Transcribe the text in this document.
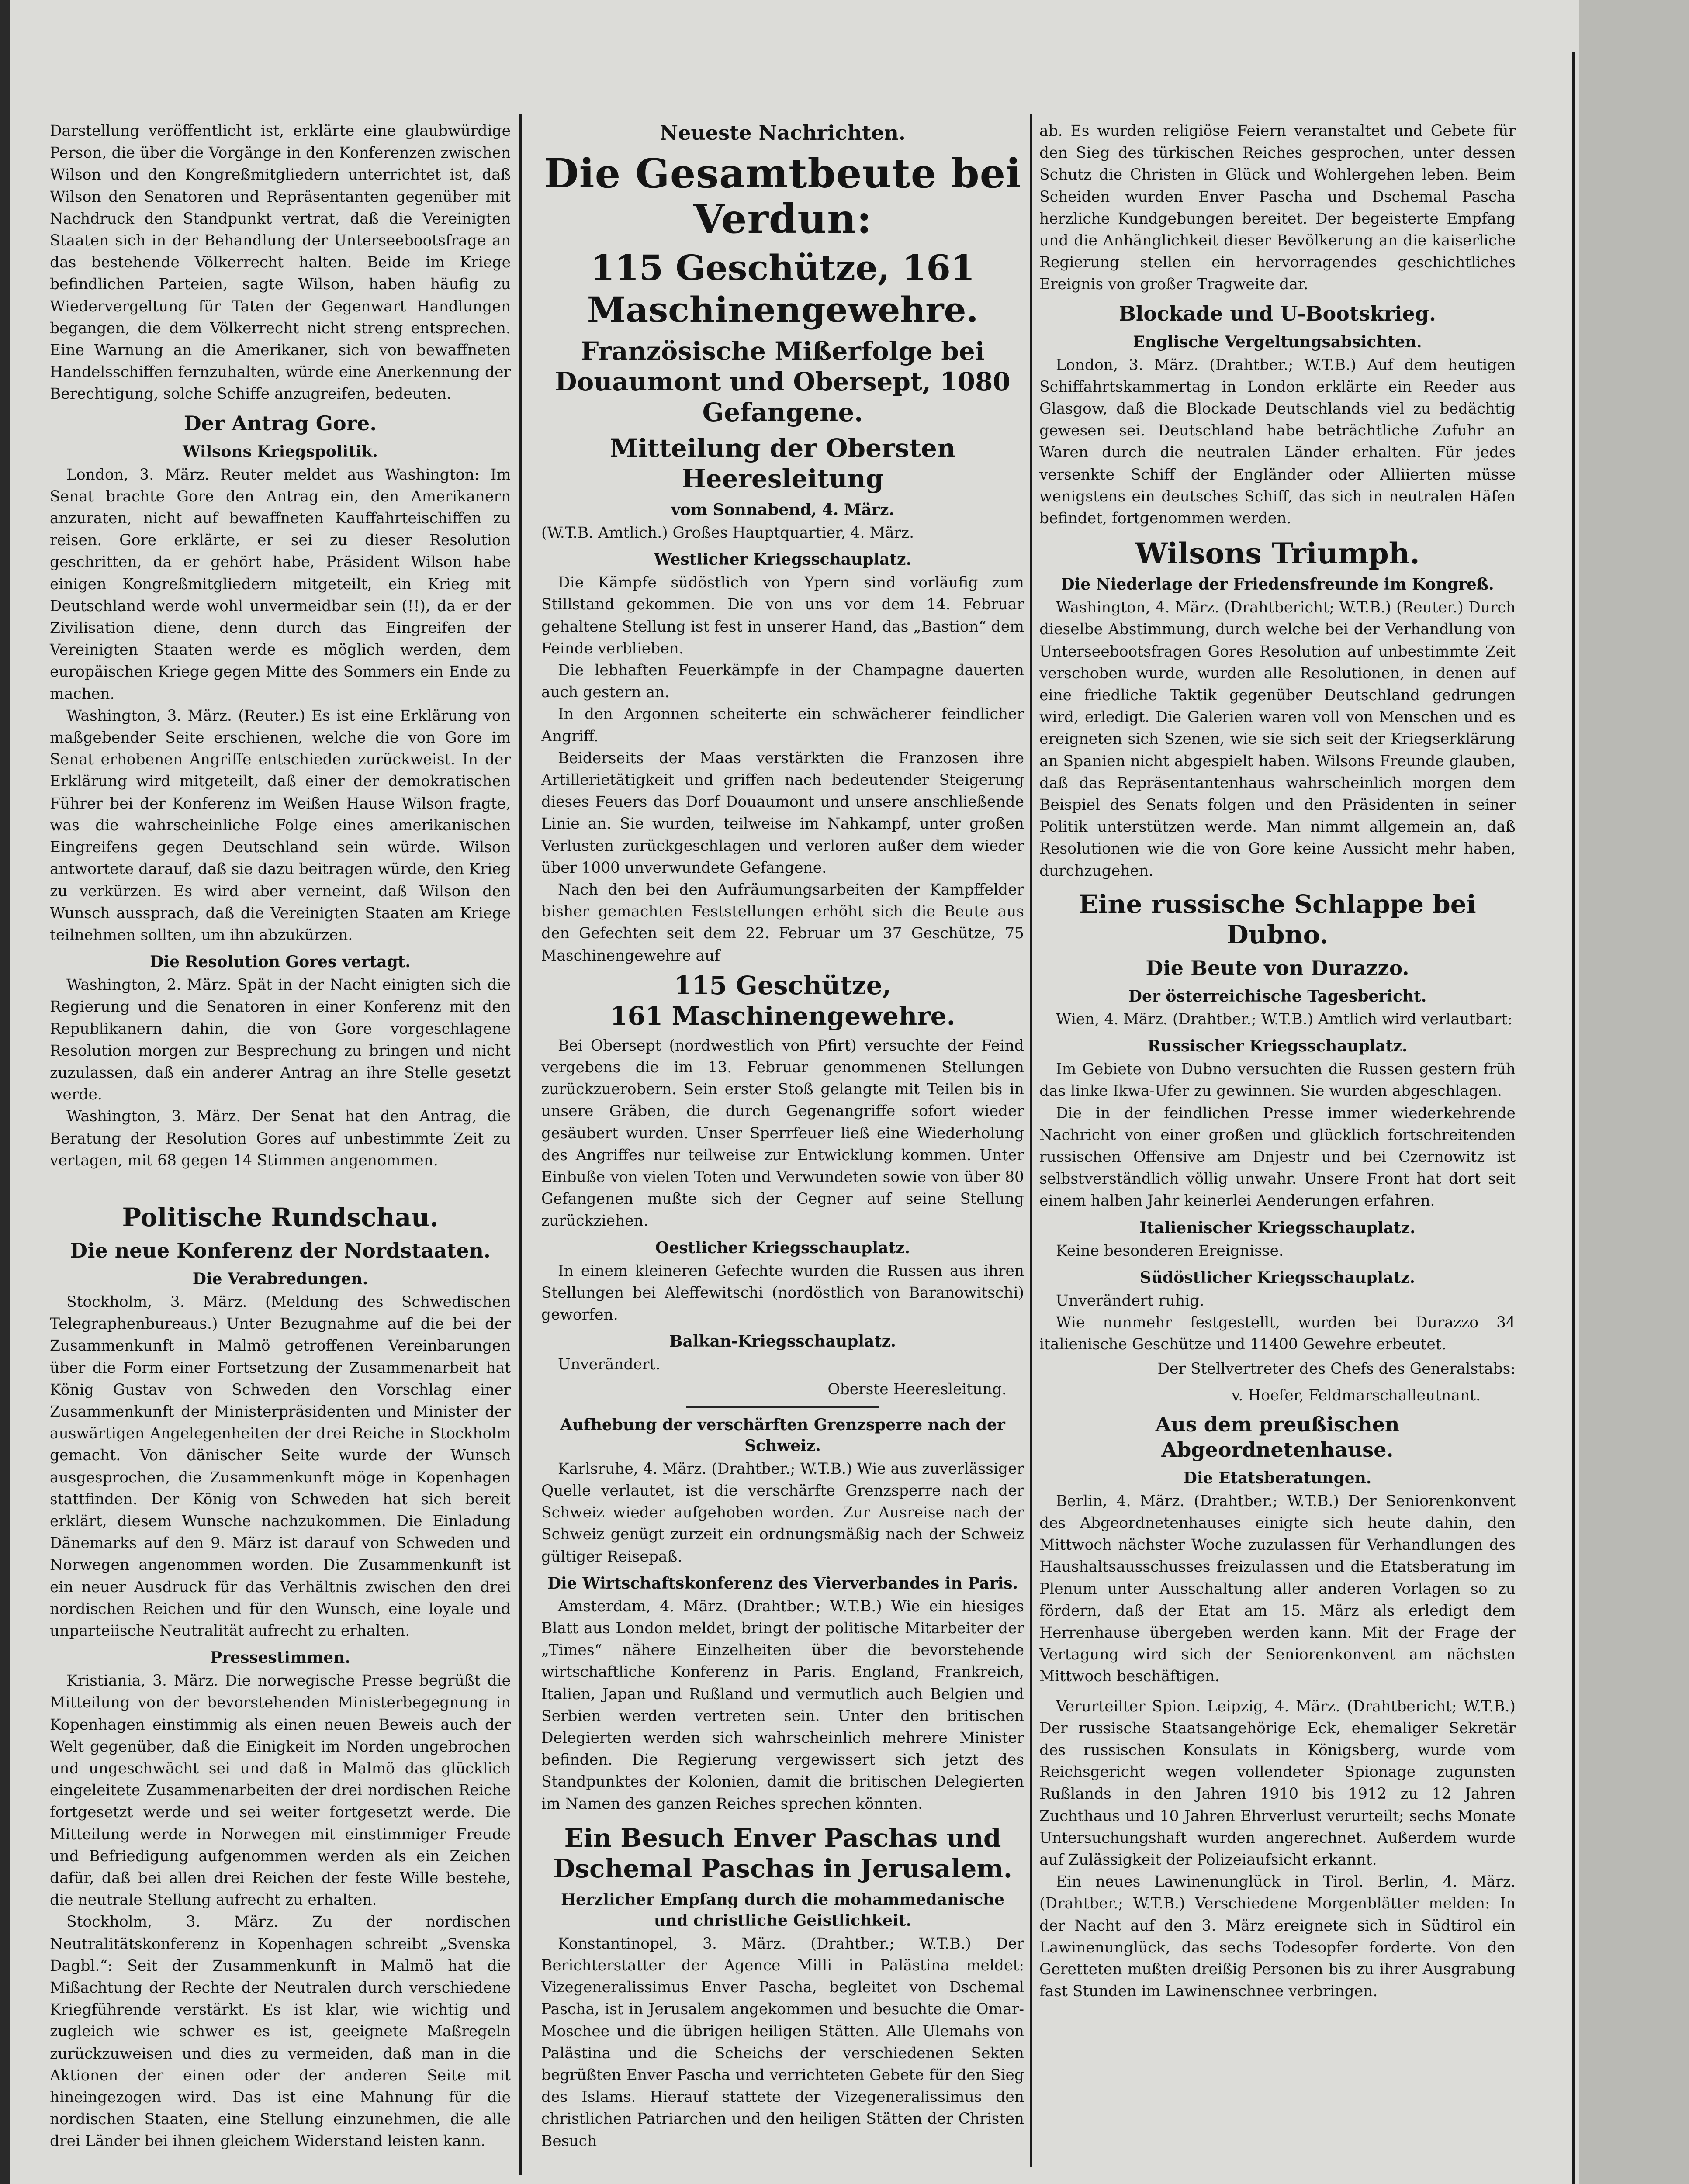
Darstellung veröffentlicht ist, erklärte eine glaubwürdige Person, die über die Vorgänge in den Konferenzen zwischen Wilson und den Kongreßmitgliedern unterrichtet ist, daß Wilson den Senatoren und Repräsentanten gegenüber mit Nachdruck den Standpunkt vertrat, daß die Vereinigten Staaten sich in der Behandlung der Unterseebootsfrage an das bestehende Völkerrecht halten. Beide im Kriege befindlichen Parteien, sagte Wilson, haben häufig zu Wiedervergeltung für Taten der Gegenwart Handlungen begangen, die dem Völkerrecht nicht streng entsprechen. Eine Warnung an die Amerikaner, sich von bewaffneten Handelsschiffen fernzuhalten, würde eine Anerkennung der Berechtigung, solche Schiffe anzugreifen, bedeuten.

Der Antrag Gore.
Wilsons Kriegspolitik.

London, 3. März. Reuter meldet aus Washington: Im Senat brachte Gore den Antrag ein, den Amerikanern anzuraten, nicht auf bewaffneten Kauffahrteischiffen zu reisen. Gore erklärte, er sei zu dieser Resolution geschritten, da er gehört habe, Präsident Wilson habe einigen Kongreßmitgliedern mitgeteilt, ein Krieg mit Deutschland werde wohl unvermeidbar sein (!!), da er der Zivilisation diene, denn durch das Eingreifen der Vereinigten Staaten werde es möglich werden, dem europäischen Kriege gegen Mitte des Sommers ein Ende zu machen.

Washington, 3. März. (Reuter.) Es ist eine Erklärung von maßgebender Seite erschienen, welche die von Gore im Senat erhobenen Angriffe entschieden zurückweist. In der Erklärung wird mitgeteilt, daß einer der demokratischen Führer bei der Konferenz im Weißen Hause Wilson fragte, was die wahrscheinliche Folge eines amerikanischen Eingreifens gegen Deutschland sein würde. Wilson antwortete darauf, daß sie dazu beitragen würde, den Krieg zu verkürzen. Es wird aber verneint, daß Wilson den Wunsch aussprach, daß die Vereinigten Staaten am Kriege teilnehmen sollten, um ihn abzukürzen.

Die Resolution Gores vertagt.

Washington, 2. März. Spät in der Nacht einigten sich die Regierung und die Senatoren in einer Konferenz mit den Republikanern dahin, die von Gore vorgeschlagene Resolution morgen zur Besprechung zu bringen und nicht zuzulassen, daß ein anderer Antrag an ihre Stelle gesetzt werde.

Washington, 3. März. Der Senat hat den Antrag, die Beratung der Resolution Gores auf unbestimmte Zeit zu vertagen, mit 68 gegen 14 Stimmen angenommen.

Politische Rundschau.
Die neue Konferenz der Nordstaaten.
Die Verabredungen.

Stockholm, 3. März. (Meldung des Schwedischen Telegraphenbureaus.) Unter Bezugnahme auf die bei der Zusammenkunft in Malmö getroffenen Vereinbarungen über die Form einer Fortsetzung der Zusammenarbeit hat König Gustav von Schweden den Vorschlag einer Zusammenkunft der Ministerpräsidenten und Minister der auswärtigen Angelegenheiten der drei Reiche in Stockholm gemacht. Von dänischer Seite wurde der Wunsch ausgesprochen, die Zusammenkunft möge in Kopenhagen stattfinden. Der König von Schweden hat sich bereit erklärt, diesem Wunsche nachzukommen. Die Einladung Dänemarks auf den 9. März ist darauf von Schweden und Norwegen angenommen worden. Die Zusammenkunft ist ein neuer Ausdruck für das Verhältnis zwischen den drei nordischen Reichen und für den Wunsch, eine loyale und unparteiische Neutralität aufrecht zu erhalten.

Pressestimmen.

Kristiania, 3. März. Die norwegische Presse begrüßt die Mitteilung von der bevorstehenden Ministerbegegnung in Kopenhagen einstimmig als einen neuen Beweis auch der Welt gegenüber, daß die Einigkeit im Norden ungebrochen und ungeschwächt sei und daß in Malmö das glücklich eingeleitete Zusammenarbeiten der drei nordischen Reiche fortgesetzt werde und sei weiter fortgesetzt werde. Die Mitteilung werde in Norwegen mit einstimmiger Freude und Befriedigung aufgenommen werden als ein Zeichen dafür, daß bei allen drei Reichen der feste Wille bestehe, die neutrale Stellung aufrecht zu erhalten.

Stockholm, 3. März. Zu der nordischen Neutralitätskonferenz in Kopenhagen schreibt „Svenska Dagbl.“: Seit der Zusammenkunft in Malmö hat die Mißachtung der Rechte der Neutralen durch verschiedene Kriegführende verstärkt. Es ist klar, wie wichtig und zugleich wie schwer es ist, geeignete Maßregeln zurückzuweisen und dies zu vermeiden, daß man in die Aktionen der einen oder der anderen Seite mit hineingezogen wird. Das ist eine Mahnung für die nordischen Staaten, eine Stellung einzunehmen, die alle drei Länder bei ihnen gleichem Widerstand leisten kann.

Neueste Nachrichten.
Die Gesamtbeute bei Verdun:
115 Geschütze, 161 Maschinengewehre.
Französische Mißerfolge bei Douaumont und Obersept, 1080 Gefangene.
Mitteilung der Obersten Heeresleitung
vom Sonnabend, 4. März.

(W.T.B. Amtlich.) Großes Hauptquartier, 4. März.

Westlicher Kriegsschauplatz.

Die Kämpfe südöstlich von Ypern sind vorläufig zum Stillstand gekommen. Die von uns vor dem 14. Februar gehaltene Stellung ist fest in unserer Hand, das „Bastion“ dem Feinde verblieben.

Die lebhaften Feuerkämpfe in der Champagne dauerten auch gestern an.

In den Argonnen scheiterte ein schwächerer feindlicher Angriff.

Beiderseits der Maas verstärkten die Franzosen ihre Artillerietätigkeit und griffen nach bedeutender Steigerung dieses Feuers das Dorf Douaumont und unsere anschließende Linie an. Sie wurden, teilweise im Nahkampf, unter großen Verlusten zurückgeschlagen und verloren außer dem wieder über 1000 unverwundete Gefangene.

Nach den bei den Aufräumungsarbeiten der Kampffelder bisher gemachten Feststellungen erhöht sich die Beute aus den Gefechten seit dem 22. Februar um 37 Geschütze, 75 Maschinengewehre auf

115 Geschütze,
161 Maschinengewehre.

Bei Obersept (nordwestlich von Pfirt) versuchte der Feind vergebens die im 13. Februar genommenen Stellungen zurückzuerobern. Sein erster Stoß gelangte mit Teilen bis in unsere Gräben, die durch Gegenangriffe sofort wieder gesäubert wurden. Unser Sperrfeuer ließ eine Wiederholung des Angriffes nur teilweise zur Entwicklung kommen. Unter Einbuße von vielen Toten und Verwundeten sowie von über 80 Gefangenen mußte sich der Gegner auf seine Stellung zurückziehen.

Oestlicher Kriegsschauplatz.

In einem kleineren Gefechte wurden die Russen aus ihren Stellungen bei Aleffewitschi (nordöstlich von Baranowitschi) geworfen.

Balkan-Kriegsschauplatz.

Unverändert.

Oberste Heeresleitung.
Aufhebung der verschärften Grenzsperre nach der Schweiz.

Karlsruhe, 4. März. (Drahtber.; W.T.B.) Wie aus zuverlässiger Quelle verlautet, ist die verschärfte Grenzsperre nach der Schweiz wieder aufgehoben worden. Zur Ausreise nach der Schweiz genügt zurzeit ein ordnungsmäßig nach der Schweiz gültiger Reisepaß.

Die Wirtschaftskonferenz des Vierverbandes in Paris.

Amsterdam, 4. März. (Drahtber.; W.T.B.) Wie ein hiesiges Blatt aus London meldet, bringt der politische Mitarbeiter der „Times“ nähere Einzelheiten über die bevorstehende wirtschaftliche Konferenz in Paris. England, Frankreich, Italien, Japan und Rußland und vermutlich auch Belgien und Serbien werden vertreten sein. Unter den britischen Delegierten werden sich wahrscheinlich mehrere Minister befinden. Die Regierung vergewissert sich jetzt des Standpunktes der Kolonien, damit die britischen Delegierten im Namen des ganzen Reiches sprechen könnten.

Ein Besuch Enver Paschas und Dschemal Paschas in Jerusalem.
Herzlicher Empfang durch die mohammedanische und christliche Geistlichkeit.

Konstantinopel, 3. März. (Drahtber.; W.T.B.) Der Berichterstatter der Agence Milli in Palästina meldet: Vizegeneralissimus Enver Pascha, begleitet von Dschemal Pascha, ist in Jerusalem angekommen und besuchte die Omar-Moschee und die übrigen heiligen Stätten. Alle Ulemahs von Palästina und die Scheichs der verschiedenen Sekten begrüßten Enver Pascha und verrichteten Gebete für den Sieg des Islams. Hierauf stattete der Vizegeneralissimus den christlichen Patriarchen und den heiligen Stätten der Christen Besuch

ab. Es wurden religiöse Feiern veranstaltet und Gebete für den Sieg des türkischen Reiches gesprochen, unter dessen Schutz die Christen in Glück und Wohlergehen leben. Beim Scheiden wurden Enver Pascha und Dschemal Pascha herzliche Kundgebungen bereitet. Der begeisterte Empfang und die Anhänglichkeit dieser Bevölkerung an die kaiserliche Regierung stellen ein hervorragendes geschichtliches Ereignis von großer Tragweite dar.

Blockade und U-Bootskrieg.
Englische Vergeltungsabsichten.

London, 3. März. (Drahtber.; W.T.B.) Auf dem heutigen Schiffahrtskammertag in London erklärte ein Reeder aus Glasgow, daß die Blockade Deutschlands viel zu bedächtig gewesen sei. Deutschland habe beträchtliche Zufuhr an Waren durch die neutralen Länder erhalten. Für jedes versenkte Schiff der Engländer oder Alliierten müsse wenigstens ein deutsches Schiff, das sich in neutralen Häfen befindet, fortgenommen werden.

Wilsons Triumph.
Die Niederlage der Friedensfreunde im Kongreß.

Washington, 4. März. (Drahtbericht; W.T.B.) (Reuter.) Durch dieselbe Abstimmung, durch welche bei der Verhandlung von Unterseebootsfragen Gores Resolution auf unbestimmte Zeit verschoben wurde, wurden alle Resolutionen, in denen auf eine friedliche Taktik gegenüber Deutschland gedrungen wird, erledigt. Die Galerien waren voll von Menschen und es ereigneten sich Szenen, wie sie sich seit der Kriegserklärung an Spanien nicht abgespielt haben. Wilsons Freunde glauben, daß das Repräsentantenhaus wahrscheinlich morgen dem Beispiel des Senats folgen und den Präsidenten in seiner Politik unterstützen werde. Man nimmt allgemein an, daß Resolutionen wie die von Gore keine Aussicht mehr haben, durchzugehen.

Eine russische Schlappe bei Dubno.
Die Beute von Durazzo.
Der österreichische Tagesbericht.

Wien, 4. März. (Drahtber.; W.T.B.) Amtlich wird verlautbart:

Russischer Kriegsschauplatz.

Im Gebiete von Dubno versuchten die Russen gestern früh das linke Ikwa-Ufer zu gewinnen. Sie wurden abgeschlagen.

Die in der feindlichen Presse immer wiederkehrende Nachricht von einer großen und glücklich fortschreitenden russischen Offensive am Dnjestr und bei Czernowitz ist selbstverständlich völlig unwahr. Unsere Front hat dort seit einem halben Jahr keinerlei Aenderungen erfahren.

Italienischer Kriegsschauplatz.

Keine besonderen Ereignisse.

Südöstlicher Kriegsschauplatz.

Unverändert ruhig.

Wie nunmehr festgestellt, wurden bei Durazzo 34 italienische Geschütze und 11400 Gewehre erbeutet.

Der Stellvertreter des Chefs des Generalstabs:
v. Hoefer, Feldmarschalleutnant.
Aus dem preußischen Abgeordnetenhause.
Die Etatsberatungen.

Berlin, 4. März. (Drahtber.; W.T.B.) Der Seniorenkonvent des Abgeordnetenhauses einigte sich heute dahin, den Mittwoch nächster Woche zuzulassen für Verhandlungen des Haushaltsausschusses freizulassen und die Etatsberatung im Plenum unter Ausschaltung aller anderen Vorlagen so zu fördern, daß der Etat am 15. März als erledigt dem Herrenhause übergeben werden kann. Mit der Frage der Vertagung wird sich der Seniorenkonvent am nächsten Mittwoch beschäftigen.

Verurteilter Spion. Leipzig, 4. März. (Drahtbericht; W.T.B.) Der russische Staatsangehörige Eck, ehemaliger Sekretär des russischen Konsulats in Königsberg, wurde vom Reichsgericht wegen vollendeter Spionage zugunsten Rußlands in den Jahren 1910 bis 1912 zu 12 Jahren Zuchthaus und 10 Jahren Ehrverlust verurteilt; sechs Monate Untersuchungshaft wurden angerechnet. Außerdem wurde auf Zulässigkeit der Polizeiaufsicht erkannt.

Ein neues Lawinenunglück in Tirol. Berlin, 4. März. (Drahtber.; W.T.B.) Verschiedene Morgenblätter melden: In der Nacht auf den 3. März ereignete sich in Südtirol ein Lawinenunglück, das sechs Todesopfer forderte. Von den Geretteten mußten dreißig Personen bis zu ihrer Ausgrabung fast Stunden im Lawinenschnee verbringen.
